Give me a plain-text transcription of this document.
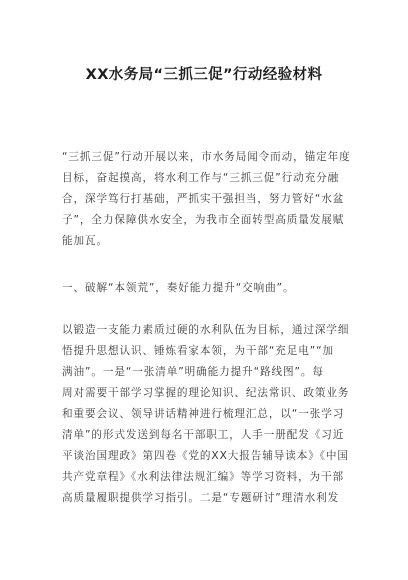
XX水务局“三抓三促”行动经验材料
“三抓三促”行动开展以来，市水务局闻令而动，锚定年度
目标，奋起摸高，将水利工作与“三抓三促”行动充分融
合，深学笃行打基础，严抓实干强担当，努力管好“水盆
子”，全力保障供水安全，为我市全面转型高质量发展赋
能加瓦。

一、破解“本领荒”，奏好能力提升“交响曲”。

以锻造一支能力素质过硬的水利队伍为目标，通过深学细
悟提升思想认识、锤炼看家本领，为干部“充足电”“加
满油”。一是“一张清单”明确能力提升“路线图”。每
周对需要干部学习掌握的理论知识、纪法常识、政策业务
和重要会议、领导讲话精神进行梳理汇总，以“一张学习
清单”的形式发送到每名干部职工，人手一册配发《习近
平谈治国理政》第四卷《党的XX大报告辅导读本》《中国
共产党章程》《水利法律法规汇编》等学习资料，为干部
高质量履职提供学习指引。二是“专题研讨”理清水利发
